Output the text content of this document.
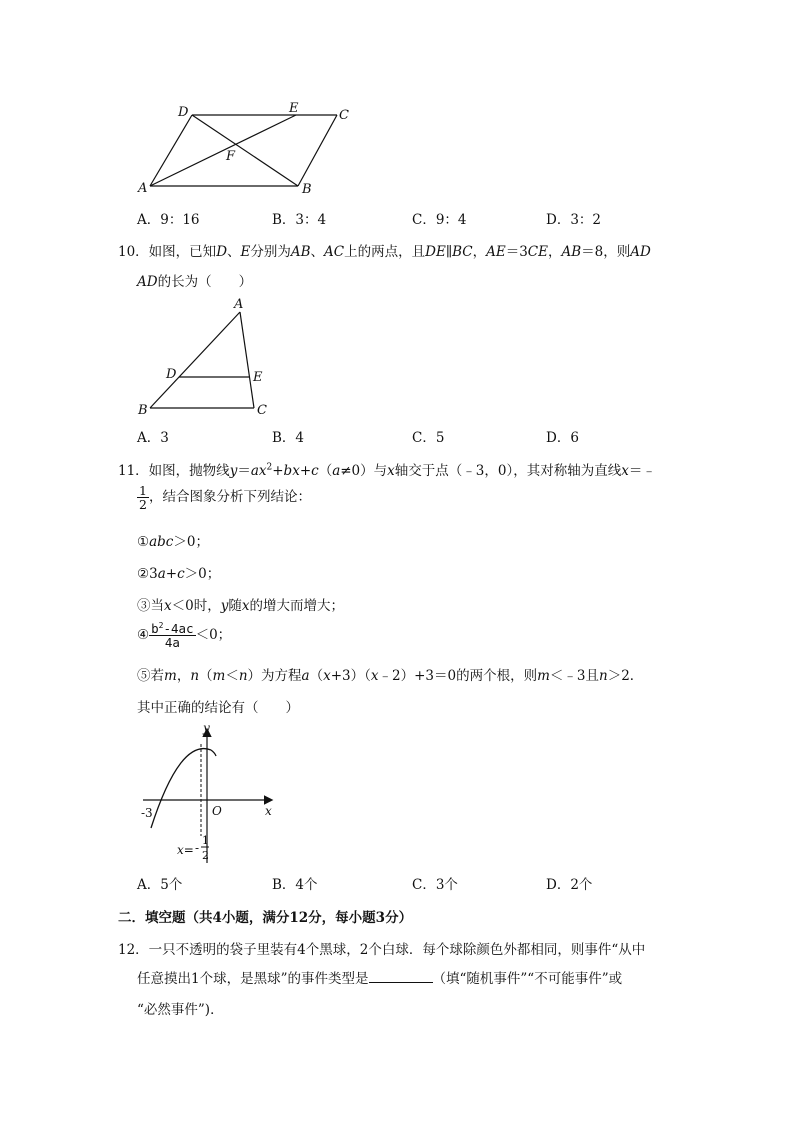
A	B
C
D	E
F
A．9：16	B．3：4	C．9：4	D．3：2
10．如图，已知D、E分别为AB、AC上的两点，且DE∥BC，AE＝3CE，AB＝8，则AD
AD的长为（　　）
A
B	C
D	E
A．3	B．4	C．5	D．6
11．如图，抛物线$y=ax^2+bx+c(a\ne 0)$与x轴交于点（﹣3，0），其对称轴为直线x＝﹣
$\frac{1}{2}$ ，结合图象分析下列结论：
①abc＞0；
②3a+c＞0；
③当x＜0时，y随x的增大而增大；
④ $\frac{b^2-4ac}{4a} <0$；
⑤若m，n（m＜n）为方程a（x+3）（x﹣2）+3＝0的两个根，则m＜﹣3且n＞2．
其中正确的结论有（　　）
y
x
O
-3
x= -
1
2
A．5个	B．4个	C．3个	D．2个
二．填空题（共4小题，满分12分，每小题3分）
12．一只不透明的袋子里装有4个黑球，2个白球．每个球除颜色外都相同，则事件“从中
任意摸出1个球，是黑球”的事件类型是	（填“随机事件”“不可能事件”或
“必然事件”)．
